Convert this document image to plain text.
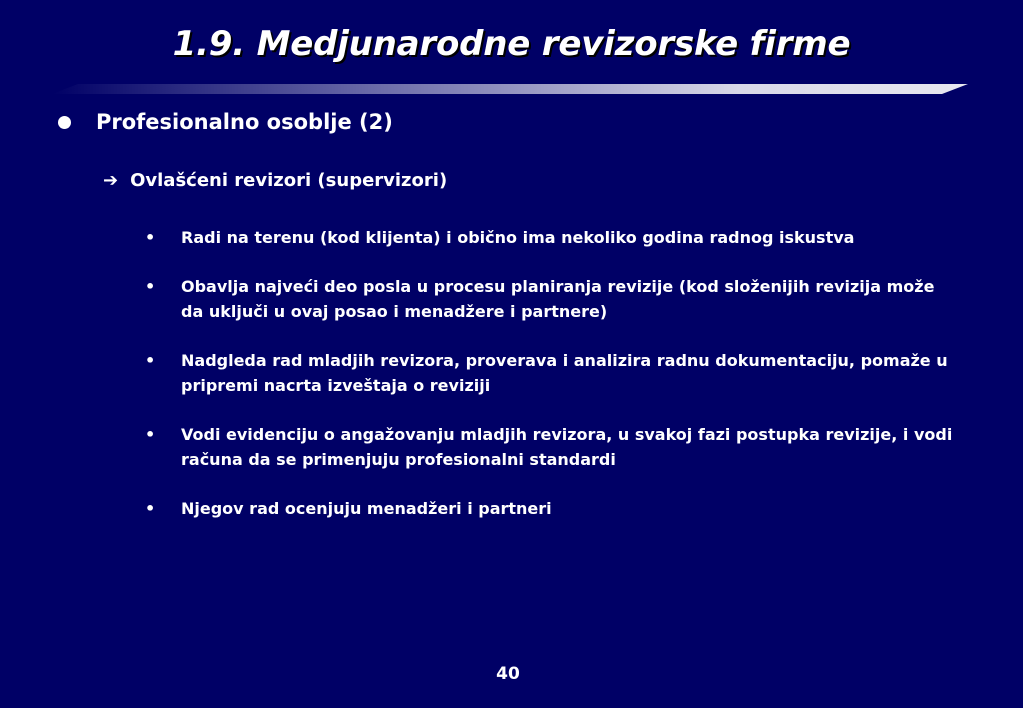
1.9. Medjunarodne revizorske firme
Profesionalno osoblje (2)
➔ Ovlašćeni revizori (supervizori)
• Radi na terenu (kod klijenta) i obično ima nekoliko godina radnog iskustva
• Obavlja najveći deo posla u procesu planiranja revizije (kod složenijih revizija može da uključi u ovaj posao i menadžere i partnere)
• Nadgleda rad mladjih revizora, proverava i analizira radnu dokumentaciju, pomaže u pripremi nacrta izveštaja o reviziji
• Vodi evidenciju o angažovanju mladjih revizora, u svakoj fazi postupka revizije, i vodi računa da se primenjuju profesionalni standardi
• Njegov rad ocenjuju menadžeri i partneri
40
